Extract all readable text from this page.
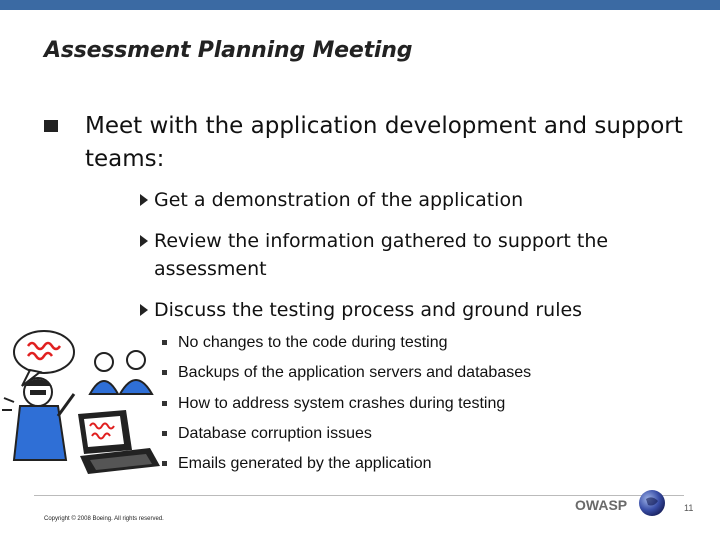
Assessment Planning Meeting
Meet with the application development and support teams:
Get a demonstration of the application
Review the information gathered to support the assessment
Discuss the testing process and ground rules
No changes to the code during testing
Backups of the application servers and databases
How to address system crashes during testing
Database corruption issues
Emails generated by the application
OWASP	11
Copyright © 2008 Boeing. All rights reserved.
